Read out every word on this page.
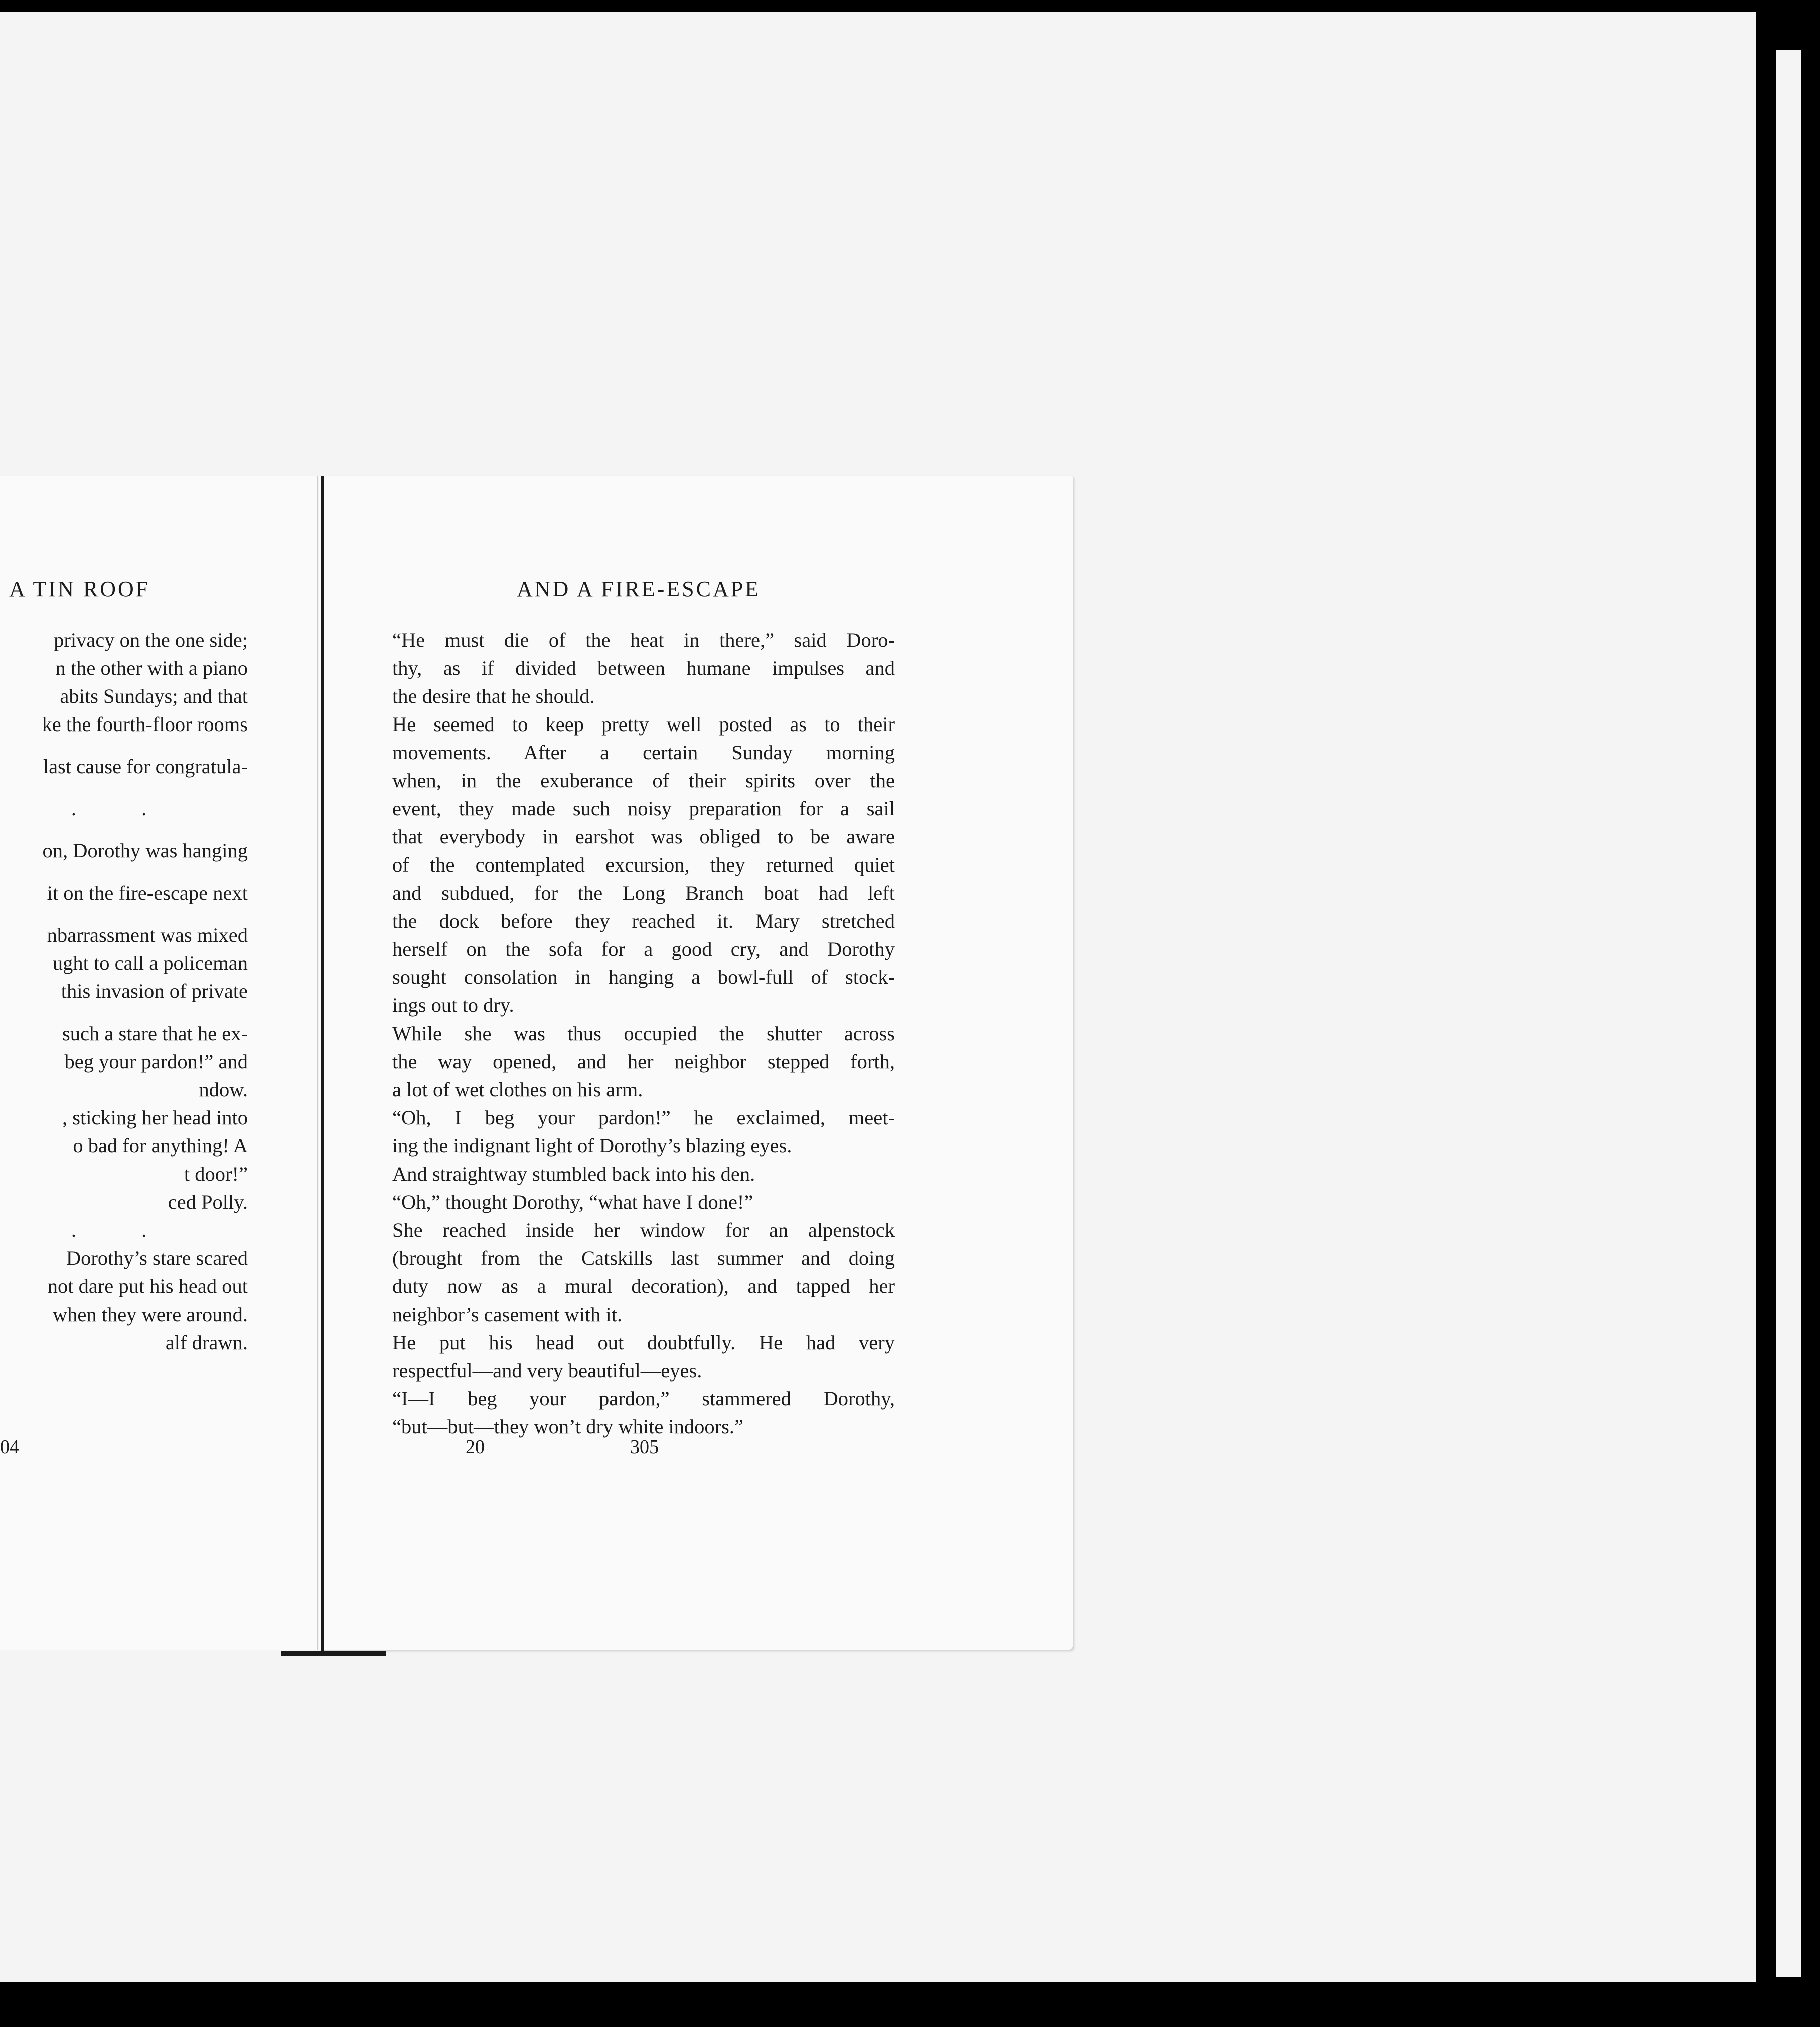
A TIN ROOF	AND A FIRE-ESCAPE
privacy on the one side;
n the other with a piano
abits Sundays; and that
ke the fourth-floor rooms
last cause for congratula-
. .
on, Dorothy was hanging
it on the fire-escape next
nbarrassment was mixed
ught to call a policeman
this invasion of private
such a stare that he ex-
beg your pardon!” and
ndow.
, sticking her head into
o bad for anything! A
t door!”
ced Polly.
. .
Dorothy’s stare scared
not dare put his head out
when they were around.
alf drawn.
“He must die of the heat in there,” said Doro-
thy, as if divided between humane impulses and
the desire that he should.
He seemed to keep pretty well posted as to their
movements. After a certain Sunday morning
when, in the exuberance of their spirits over the
event, they made such noisy preparation for a sail
that everybody in earshot was obliged to be aware
of the contemplated excursion, they returned quiet
and subdued, for the Long Branch boat had left
the dock before they reached it. Mary stretched
herself on the sofa for a good cry, and Dorothy
sought consolation in hanging a bowl-full of stock-
ings out to dry.
While she was thus occupied the shutter across
the way opened, and her neighbor stepped forth,
a lot of wet clothes on his arm.
“Oh, I beg your pardon!” he exclaimed, meet-
ing the indignant light of Dorothy’s blazing eyes.
And straightway stumbled back into his den.
“Oh,” thought Dorothy, “what have I done!”
She reached inside her window for an alpenstock
(brought from the Catskills last summer and doing
duty now as a mural decoration), and tapped her
neighbor’s casement with it.
He put his head out doubtfully. He had very
respectful—and very beautiful—eyes.
“I—I beg your pardon,” stammered Dorothy,
“but—but—they won’t dry white indoors.”
04	20	305
